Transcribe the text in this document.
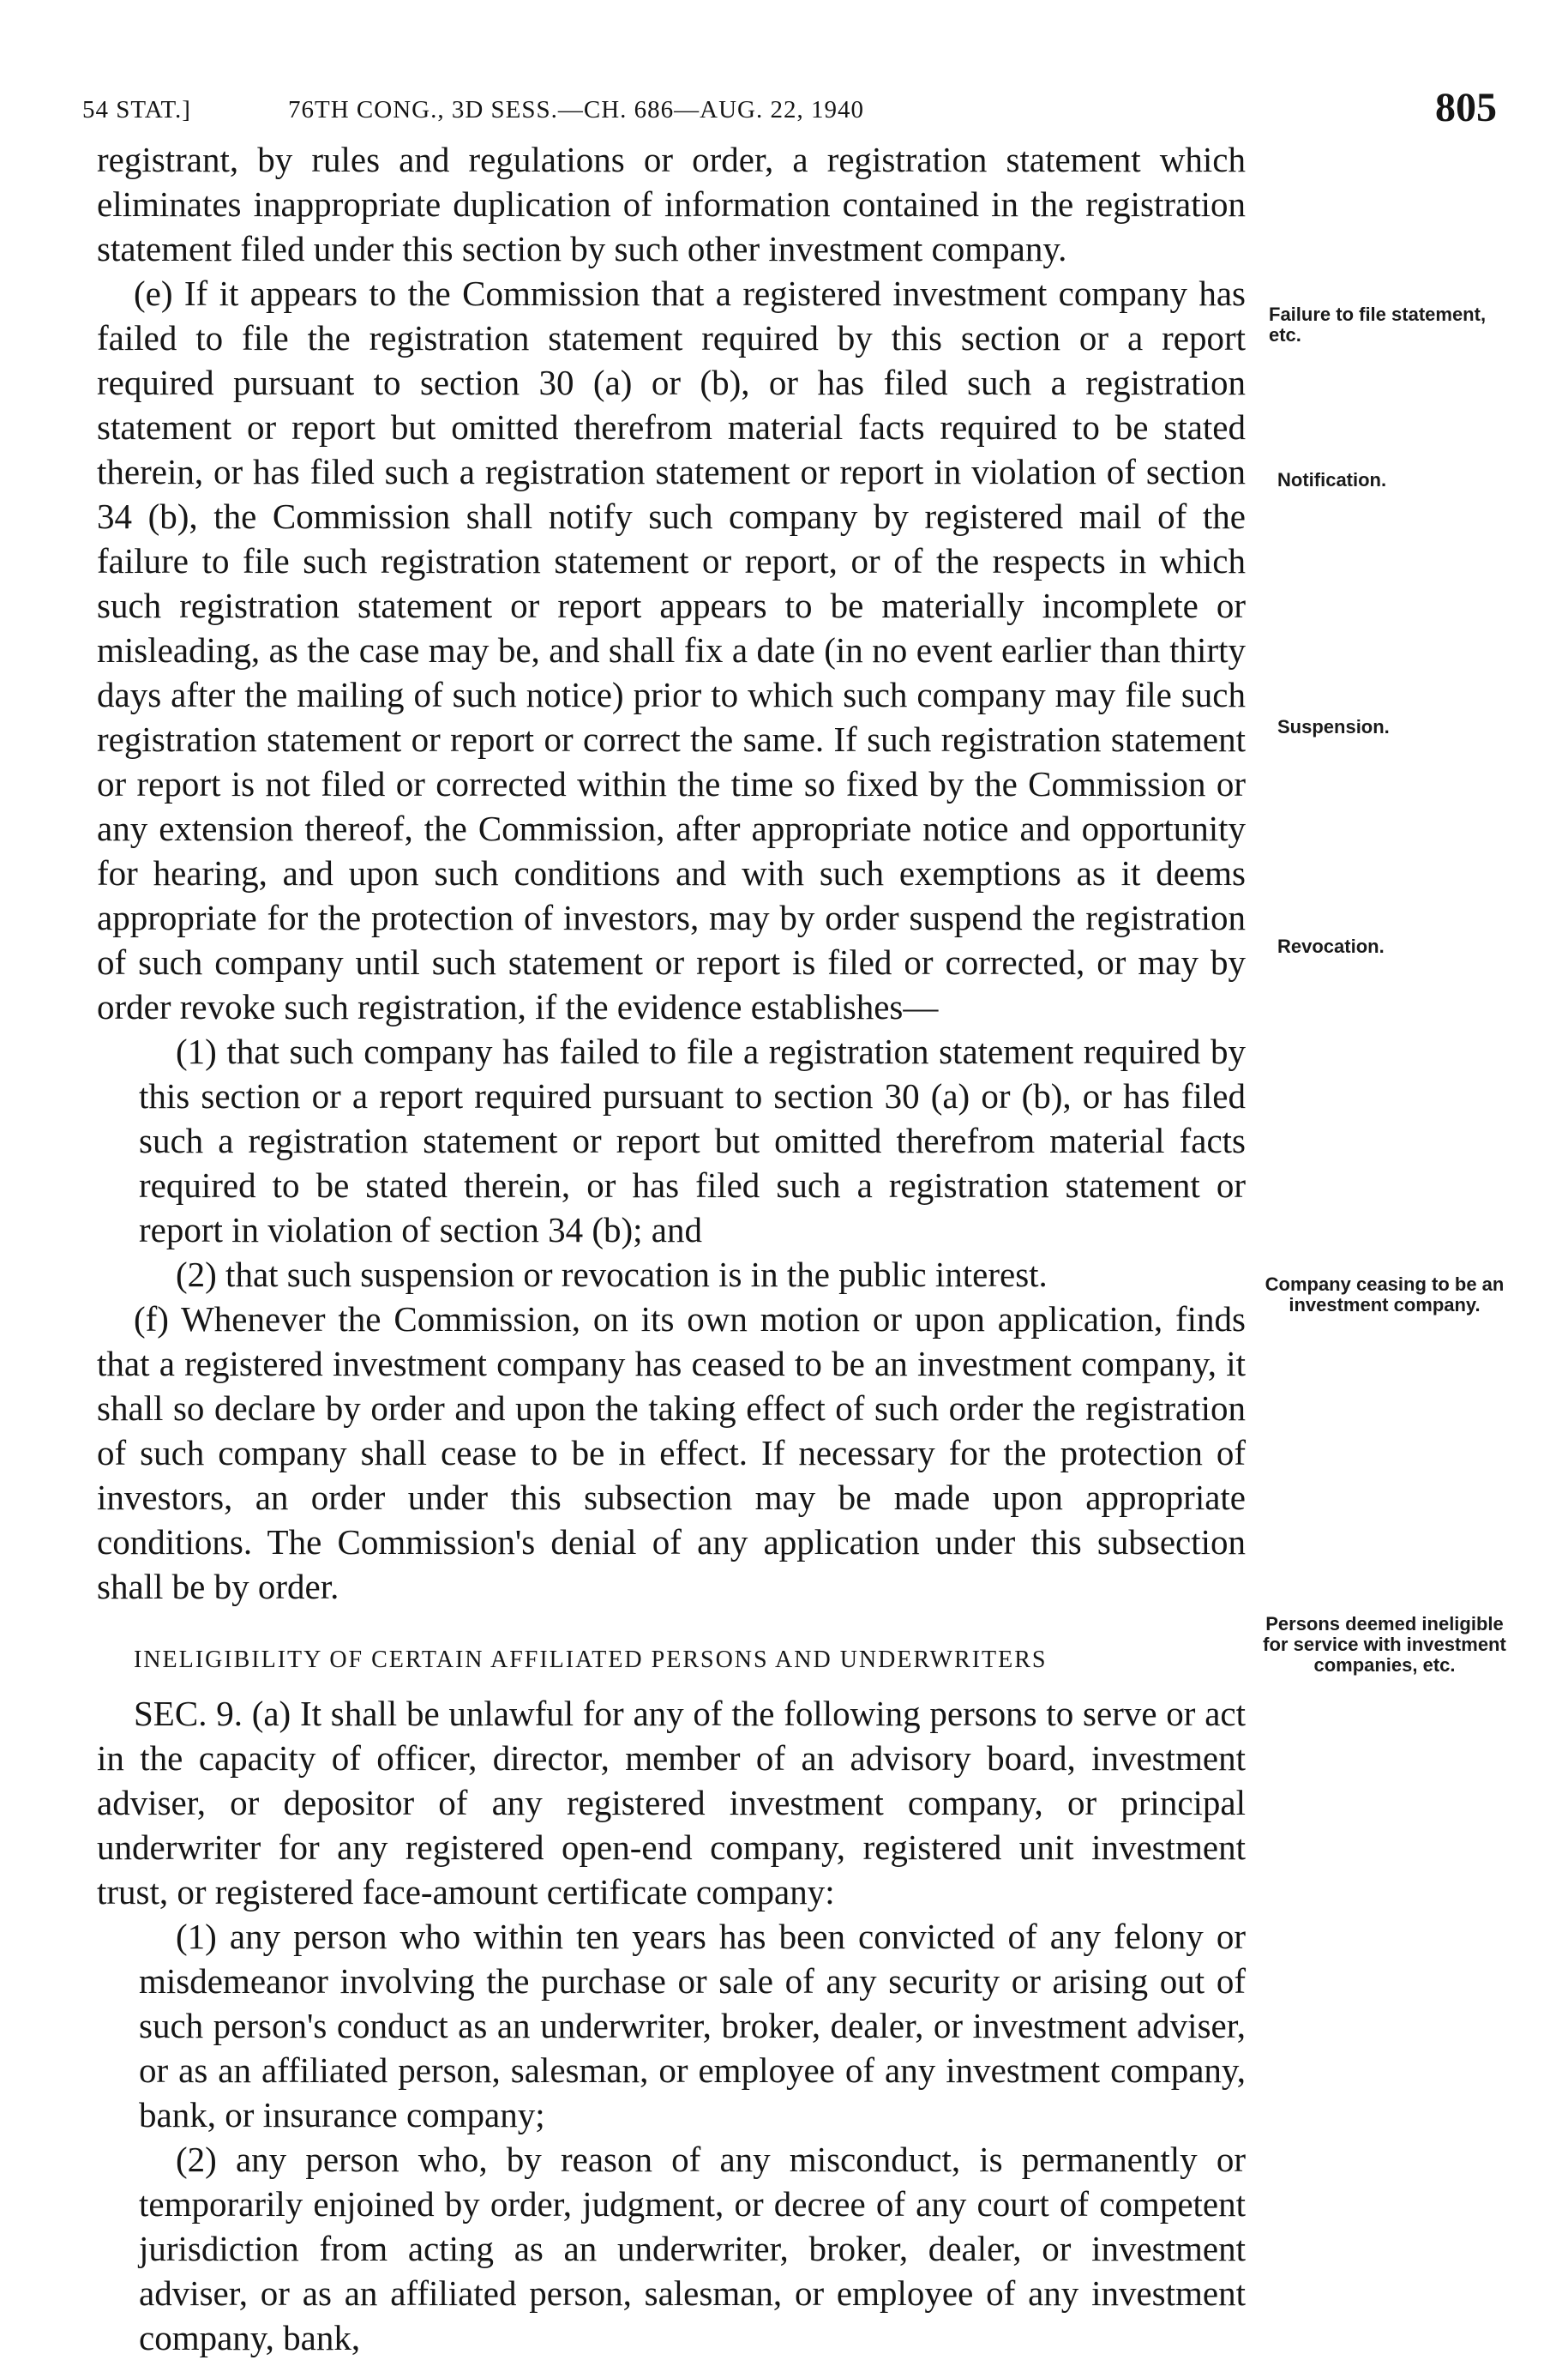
54 STAT.]	76TH CONG., 3D SESS.—CH. 686—AUG. 22, 1940	805

registrant, by rules and regulations or order, a registration statement which eliminates inappropriate duplication of information contained in the registration statement filed under this section by such other investment company.

(e) If it appears to the Commission that a registered investment company has failed to file the registration statement required by this section or a report required pursuant to section 30 (a) or (b), or has filed such a registration statement or report but omitted therefrom material facts required to be stated therein, or has filed such a registration statement or report in violation of section 34 (b), the Commission shall notify such company by registered mail of the failure to file such registration statement or report, or of the respects in which such registration statement or report appears to be materially incomplete or misleading, as the case may be, and shall fix a date (in no event earlier than thirty days after the mailing of such notice) prior to which such company may file such registration statement or report or correct the same. If such registration statement or report is not filed or corrected within the time so fixed by the Commission or any extension thereof, the Commission, after appropriate notice and opportunity for hearing, and upon such conditions and with such exemptions as it deems appropriate for the protection of investors, may by order suspend the registration of such company until such statement or report is filed or corrected, or may by order revoke such registration, if the evidence establishes—

(1) that such company has failed to file a registration statement required by this section or a report required pursuant to section 30 (a) or (b), or has filed such a registration statement or report but omitted therefrom material facts required to be stated therein, or has filed such a registration statement or report in violation of section 34 (b); and

(2) that such suspension or revocation is in the public interest.

(f) Whenever the Commission, on its own motion or upon application, finds that a registered investment company has ceased to be an investment company, it shall so declare by order and upon the taking effect of such order the registration of such company shall cease to be in effect. If necessary for the protection of investors, an order under this subsection may be made upon appropriate conditions. The Commission's denial of any application under this subsection shall be by order.

INELIGIBILITY OF CERTAIN AFFILIATED PERSONS AND UNDERWRITERS

SEC. 9. (a) It shall be unlawful for any of the following persons to serve or act in the capacity of officer, director, member of an advisory board, investment adviser, or depositor of any registered investment company, or principal underwriter for any registered open-end company, registered unit investment trust, or registered face-amount certificate company:

(1) any person who within ten years has been convicted of any felony or misdemeanor involving the purchase or sale of any security or arising out of such person's conduct as an underwriter, broker, dealer, or investment adviser, or as an affiliated person, salesman, or employee of any investment company, bank, or insurance company;

(2) any person who, by reason of any misconduct, is permanently or temporarily enjoined by order, judgment, or decree of any court of competent jurisdiction from acting as an underwriter, broker, dealer, or investment adviser, or as an affiliated person, salesman, or employee of any investment company, bank,

Failure to file statement, etc.
Notification.
Suspension.
Revocation.
Company ceasing to be an investment company.
Persons deemed ineligible for service with investment companies, etc.
